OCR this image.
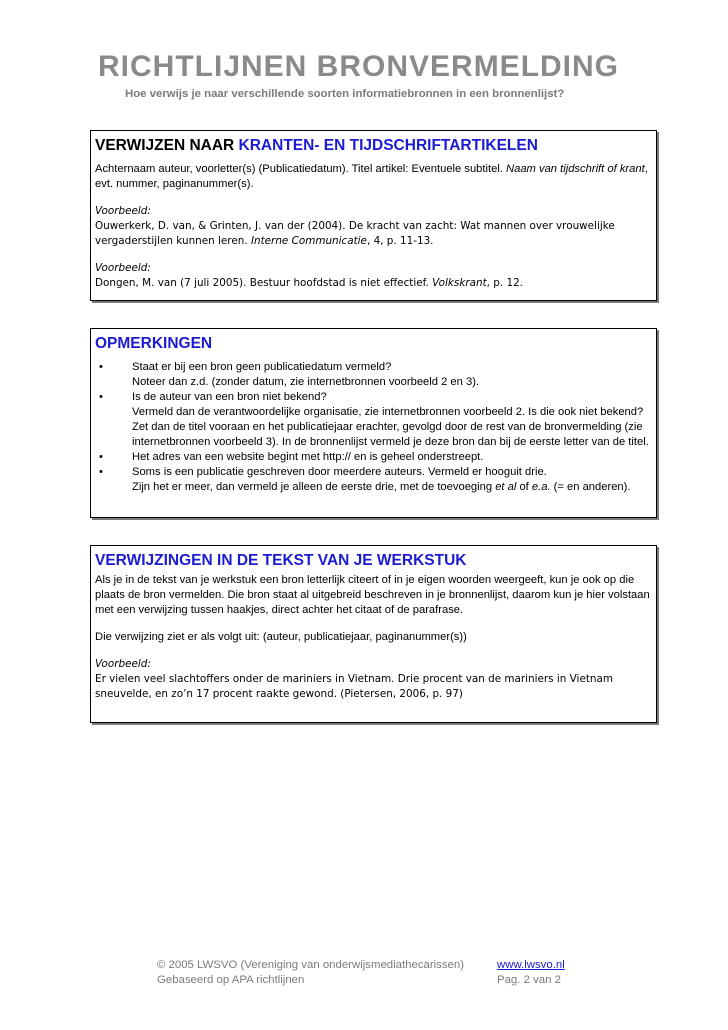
RICHTLIJNEN BRONVERMELDING
Hoe verwijs je naar verschillende soorten informatiebronnen in een bronnenlijst?
VERWIJZEN NAAR KRANTEN- EN TIJDSCHRIFTARTIKELEN

Achternaam auteur, voorletter(s) (Publicatiedatum). Titel artikel: Eventuele subtitel. Naam van tijdschrift of krant, evt. nummer, paginanummer(s).

Voorbeeld:
Ouwerkerk, D. van, & Grinten, J. van der (2004). De kracht van zacht: Wat mannen over vrouwelijke vergaderstijlen kunnen leren. Interne Communicatie, 4, p. 11-13.

Voorbeeld:
Dongen, M. van (7 juli 2005). Bestuur hoofdstad is niet effectief. Volkskrant, p. 12.

OPMERKINGEN
•	Staat er bij een bron geen publicatiedatum vermeld?
Noteer dan z.d. (zonder datum, zie internetbronnen voorbeeld 2 en 3).
•	Is de auteur van een bron niet bekend?
Vermeld dan de verantwoordelijke organisatie, zie internetbronnen voorbeeld 2. Is die ook niet bekend? Zet dan de titel vooraan en het publicatiejaar erachter, gevolgd door de rest van de bronvermelding (zie internetbronnen voorbeeld 3). In de bronnenlijst vermeld je deze bron dan bij de eerste letter van de titel.
•	Het adres van een website begint met http:// en is geheel onderstreept.
•	Soms is een publicatie geschreven door meerdere auteurs. Vermeld er hooguit drie.
Zijn het er meer, dan vermeld je alleen de eerste drie, met de toevoeging et al of e.a. (= en anderen).
VERWIJZINGEN IN DE TEKST VAN JE WERKSTUK

Als je in de tekst van je werkstuk een bron letterlijk citeert of in je eigen woorden weergeeft, kun je ook op die plaats de bron vermelden. Die bron staat al uitgebreid beschreven in je bronnenlijst, daarom kun je hier volstaan met een verwijzing tussen haakjes, direct achter het citaat of de parafrase.

Die verwijzing ziet er als volgt uit: (auteur, publicatiejaar, paginanummer(s))

Voorbeeld:
Er vielen veel slachtoffers onder de mariniers in Vietnam. Drie procent van de mariniers in Vietnam sneuvelde, en zo’n 17 procent raakte gewond. (Pietersen, 2006, p. 97)

© 2005 LWSVO (Vereniging van onderwijsmediathecarissen)	www.lwsvo.nl
Gebaseerd op APA richtlijnen	Pag. 2 van 2
